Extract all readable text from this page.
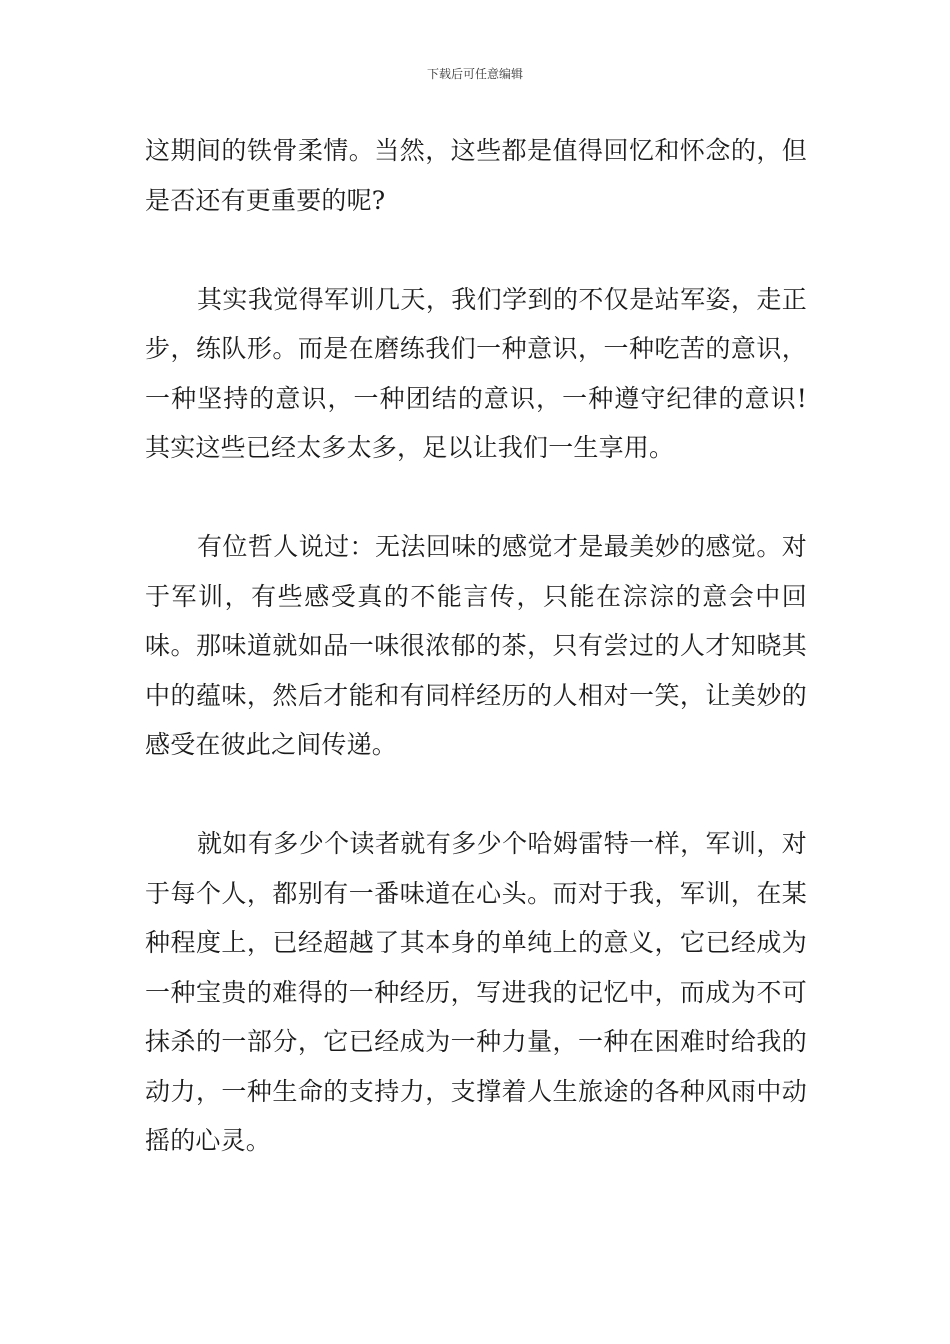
下载后可任意编辑

这期间的铁骨柔情。当然，这些都是值得回忆和怀念的，但是否还有更重要的呢?

其实我觉得军训几天，我们学到的不仅是站军姿，走正步，练队形。而是在磨练我们一种意识，一种吃苦的意识，一种坚持的意识，一种团结的意识，一种遵守纪律的意识!其实这些已经太多太多，足以让我们一生享用。

有位哲人说过：无法回味的感觉才是最美妙的感觉。对于军训，有些感受真的不能言传，只能在淙淙的意会中回味。那味道就如品一味很浓郁的茶，只有尝过的人才知晓其中的蕴味，然后才能和有同样经历的人相对一笑，让美妙的感受在彼此之间传递。

就如有多少个读者就有多少个哈姆雷特一样，军训，对于每个人，都别有一番味道在心头。而对于我，军训，在某种程度上，已经超越了其本身的单纯上的意义，它已经成为一种宝贵的难得的一种经历，写进我的记忆中，而成为不可抹杀的一部分，它已经成为一种力量，一种在困难时给我的动力，一种生命的支持力，支撑着人生旅途的各种风雨中动摇的心灵。
